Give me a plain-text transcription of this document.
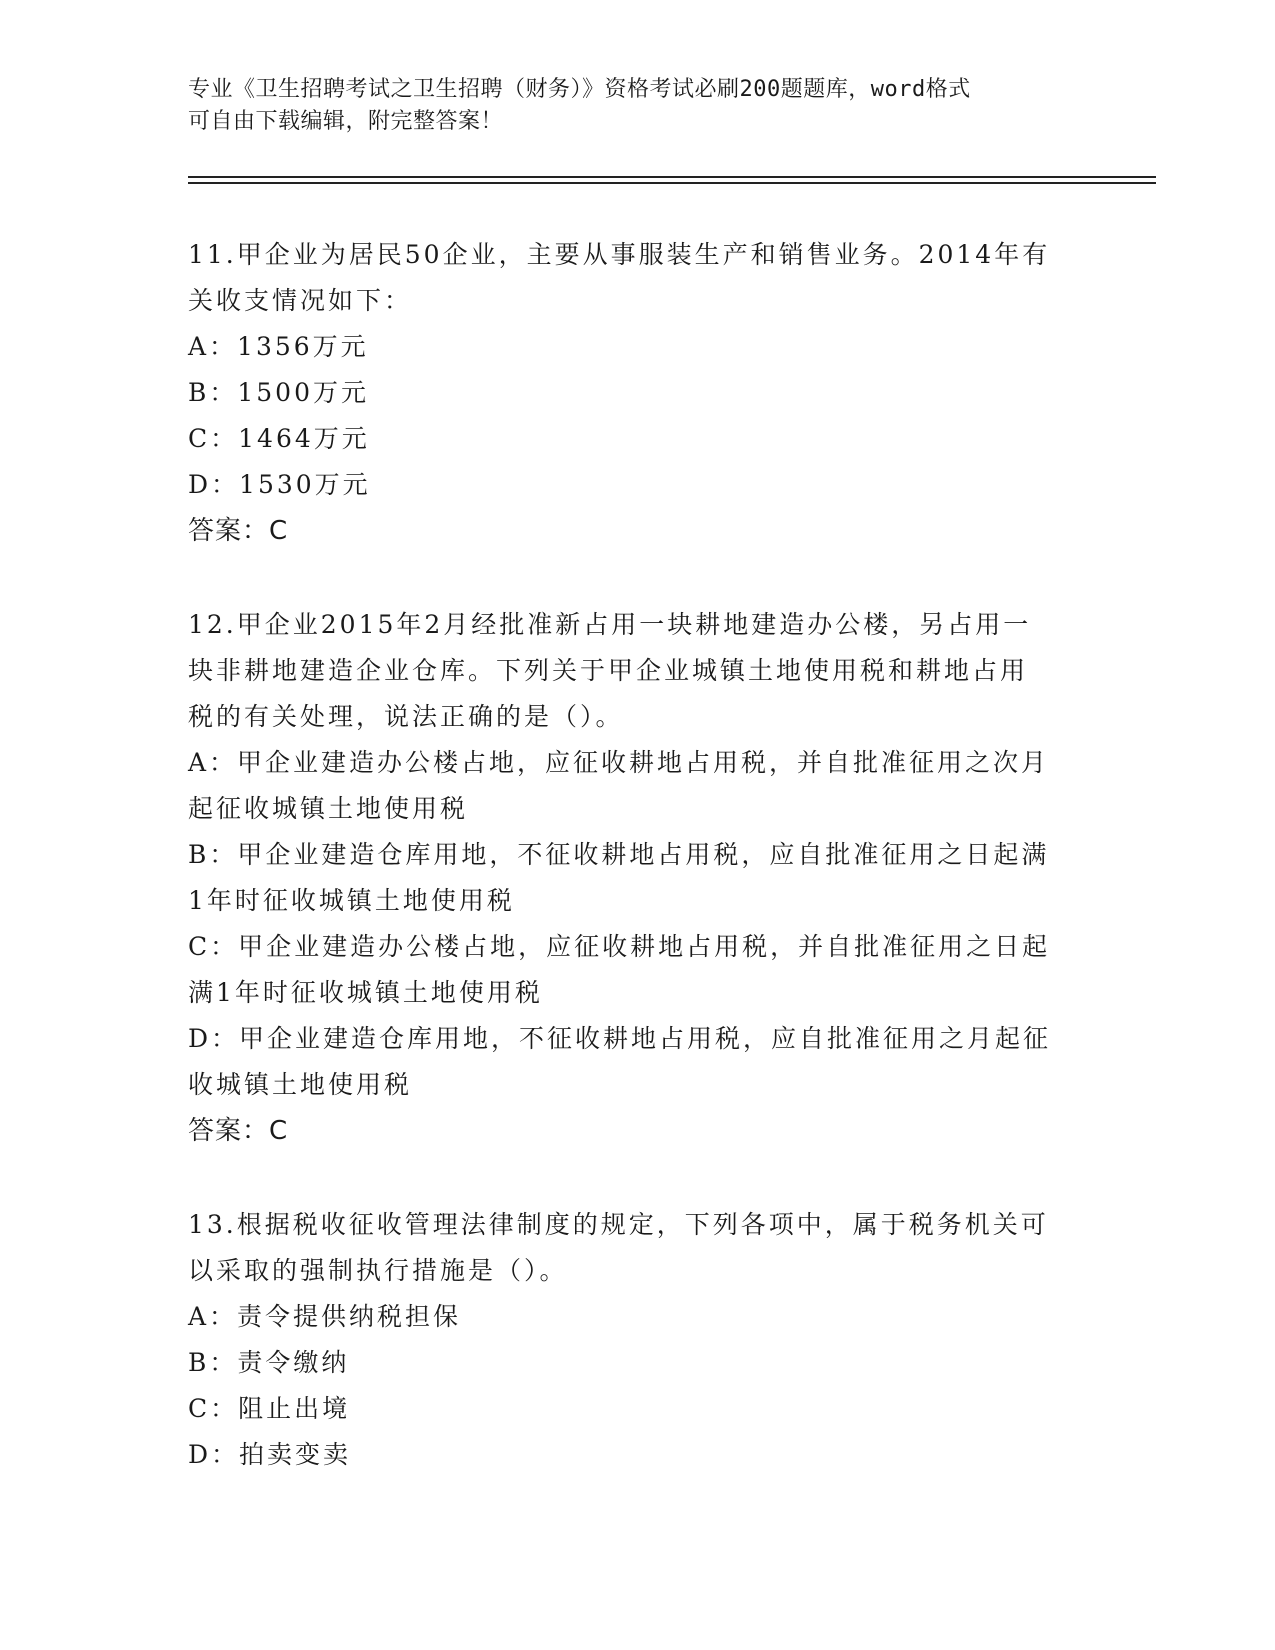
专业《卫生招聘考试之卫生招聘（财务）》资格考试必刷200题题库，word格式
可自由下载编辑，附完整答案！
11.甲企业为居民50企业，主要从事服装生产和销售业务。2014年有
关收支情况如下：
A：1356万元
B：1500万元
C：1464万元
D：1530万元
答案：C
12.甲企业2015年2月经批准新占用一块耕地建造办公楼，另占用一
块非耕地建造企业仓库。下列关于甲企业城镇土地使用税和耕地占用
税的有关处理，说法正确的是（）。
A：甲企业建造办公楼占地，应征收耕地占用税，并自批准征用之次月
起征收城镇土地使用税
B：甲企业建造仓库用地，不征收耕地占用税，应自批准征用之日起满
1年时征收城镇土地使用税
C：甲企业建造办公楼占地，应征收耕地占用税，并自批准征用之日起
满1年时征收城镇土地使用税
D：甲企业建造仓库用地，不征收耕地占用税，应自批准征用之月起征
收城镇土地使用税
答案：C
13.根据税收征收管理法律制度的规定，下列各项中，属于税务机关可
以采取的强制执行措施是（）。
A：责令提供纳税担保
B：责令缴纳
C：阻止出境
D：拍卖变卖
